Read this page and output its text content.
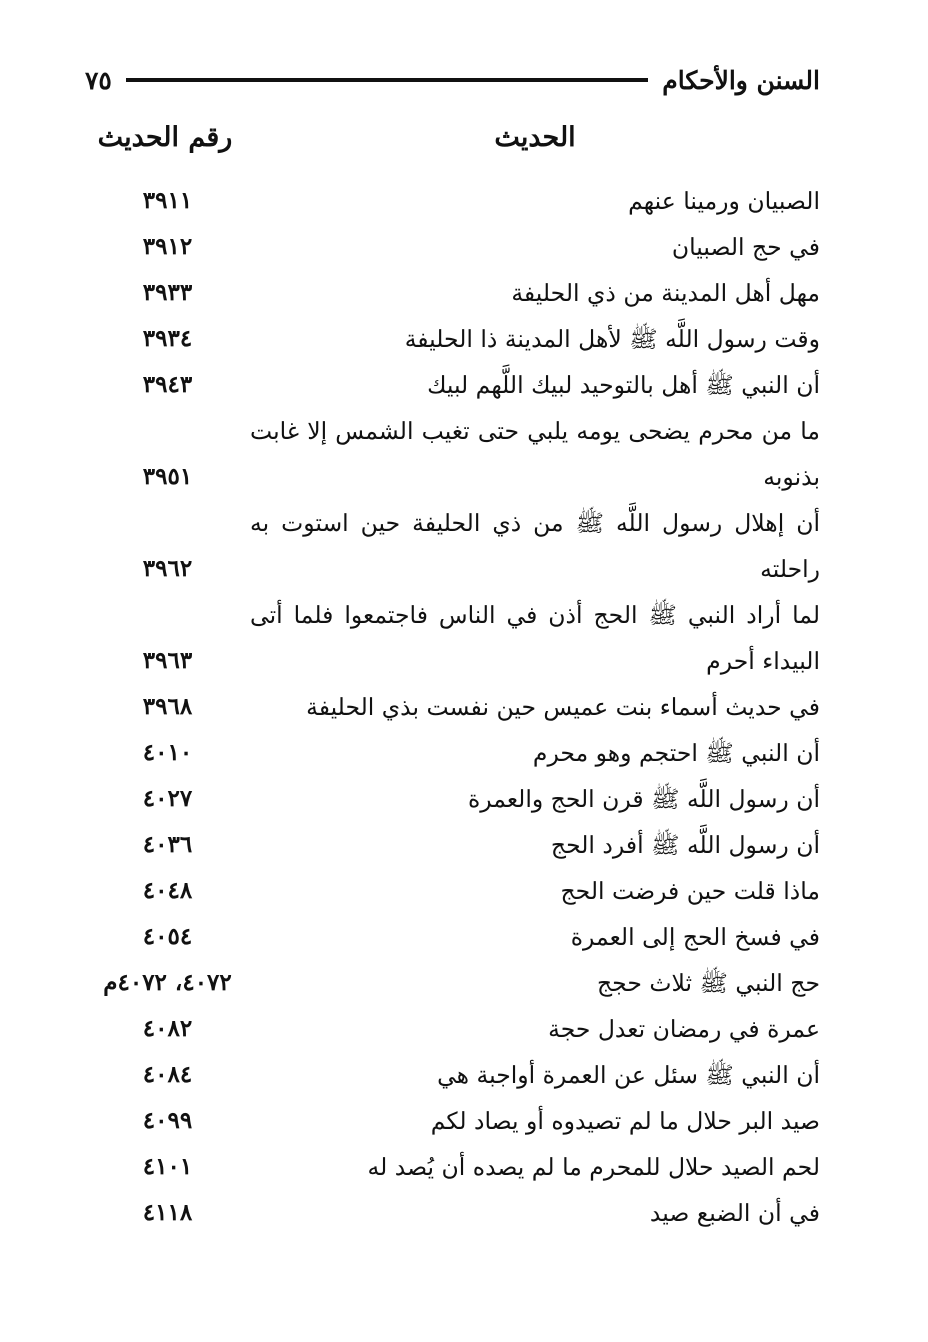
السنن والأحكام
٧٥
الحديث
رقم الحديث
الصبيان ورمينا عنهم
٣٩١١
في حج الصبيان
٣٩١٢
مهل أهل المدينة من ذي الحليفة
٣٩٣٣
وقت رسول اللَّه ﷺ لأهل المدينة ذا الحليفة
٣٩٣٤
أن النبي ﷺ أهل بالتوحيد لبيك اللَّهم لبيك
٣٩٤٣
ما من محرم يضحى يومه يلبي حتى تغيب الشمس إلا غابت بذنوبه
٣٩٥١
أن إهلال رسول اللَّه ﷺ من ذي الحليفة حين استوت به راحلته
٣٩٦٢
لما أراد النبي ﷺ الحج أذن في الناس فاجتمعوا فلما أتى البيداء أحرم
٣٩٦٣
في حديث أسماء بنت عميس حين نفست بذي الحليفة
٣٩٦٨
أن النبي ﷺ احتجم وهو محرم
٤٠١٠
أن رسول اللَّه ﷺ قرن الحج والعمرة
٤٠٢٧
أن رسول اللَّه ﷺ أفرد الحج
٤٠٣٦
ماذا قلت حين فرضت الحج
٤٠٤٨
في فسخ الحج إلى العمرة
٤٠٥٤
حج النبي ﷺ ثلاث حجج
٤٠٧٢، ٤٠٧٢م
عمرة في رمضان تعدل حجة
٤٠٨٢
أن النبي ﷺ سئل عن العمرة أواجبة هي
٤٠٨٤
صيد البر حلال ما لم تصيدوه أو يصاد لكم
٤٠٩٩
لحم الصيد حلال للمحرم ما لم يصده أن يُصد له
٤١٠١
في أن الضبع صيد
٤١١٨
